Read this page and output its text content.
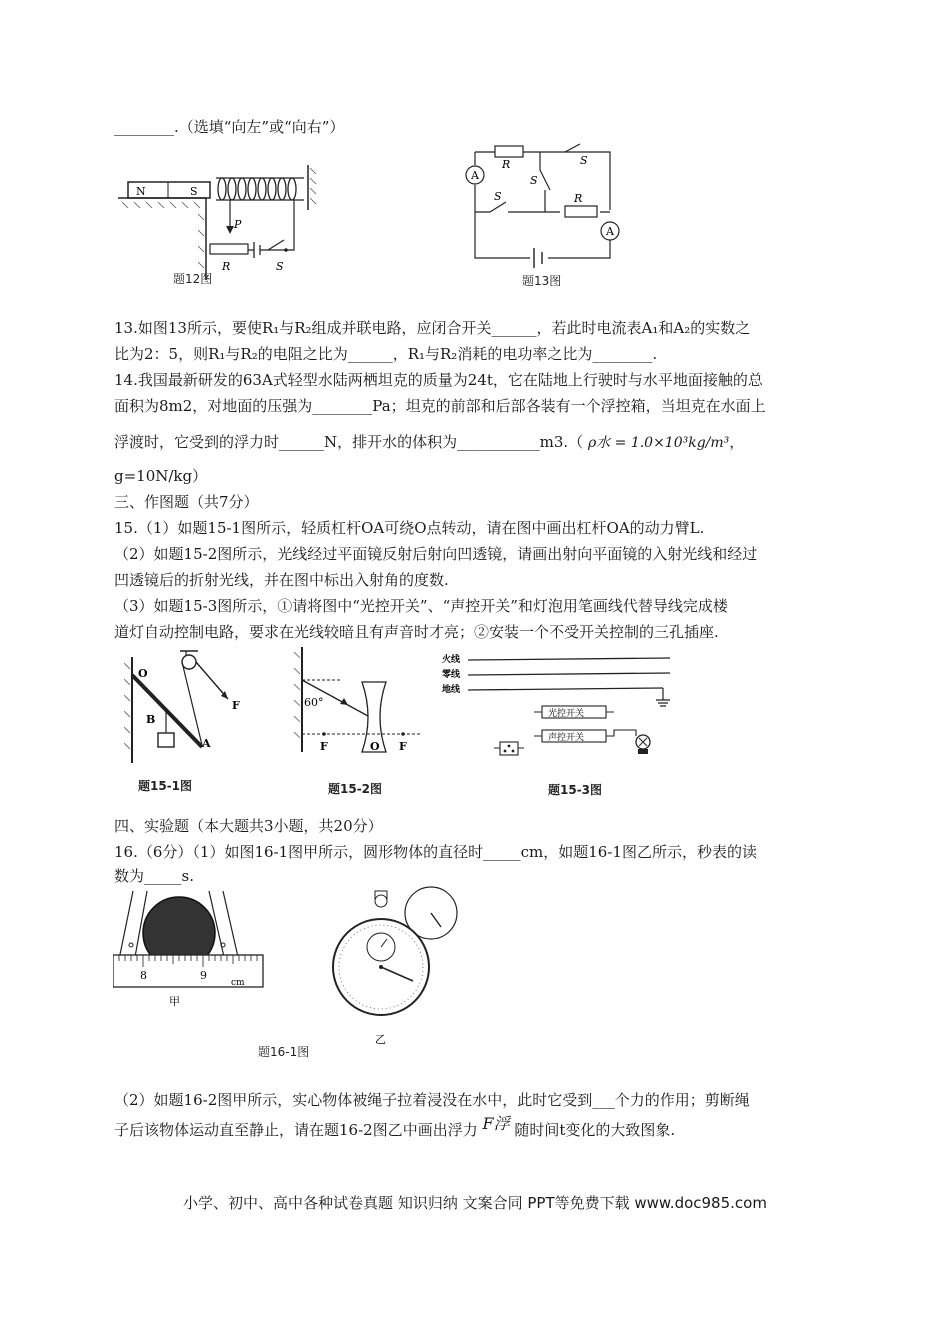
________.（选填“向左”或“向右”）
N	S
P
R	S
题12图
A
A
R
R
S
S
S
题13图
13.如图13所示，要使R₁与R₂组成并联电路，应闭合开关______，若此时电流表A₁和A₂的实数之
比为2：5，则R₁与R₂的电阻之比为______，R₁与R₂消耗的电功率之比为________.
14.我国最新研发的63A式轻型水陆两栖坦克的质量为24t，它在陆地上行驶时与水平地面接触的总
面积为8m2，对地面的压强为________Pa；坦克的前部和后部各装有一个浮控箱，当坦克在水面上
浮渡时，它受到的浮力时______N，排开水的体积为___________m3.（ ρ水 = 1.0×10³kg/m³，
g=10N/kg）
三、作图题（共7分）
15.（1）如题15-1图所示，轻质杠杆OA可绕O点转动，请在图中画出杠杆OA的动力臂L.
（2）如题15-2图所示，光线经过平面镜反射后射向凹透镜，请画出射向平面镜的入射光线和经过
凹透镜后的折射光线，并在图中标出入射角的度数.
（3）如题15-3图所示，①请将图中“光控开关”、“声控开关”和灯泡用笔画线代替导线完成楼
道灯自动控制电路，要求在光线较暗且有声音时才亮；②安装一个不受开关控制的三孔插座.
O
B
A
F
题15-1图
60°
F	O F
题15-2图
火线
零线
地线
光控开关
声控开关
题15-3图
四、实验题（本大题共3小题，共20分）
16.（6分）（1）如图16-1图甲所示，圆形物体的直径时_____cm，如题16-1图乙所示，秒表的读
数为_____s.
8	9
cm
甲
乙
题16-1图
（2）如题16-2图甲所示，实心物体被绳子拉着浸没在水中，此时它受到___个力的作用；剪断绳
子后该物体运动直至静止，请在题16-2图乙中画出浮力 F浮 随时间t变化的大致图象.
小学、初中、高中各种试卷真题 知识归纳 文案合同 PPT等免费下载 www.doc985.com
